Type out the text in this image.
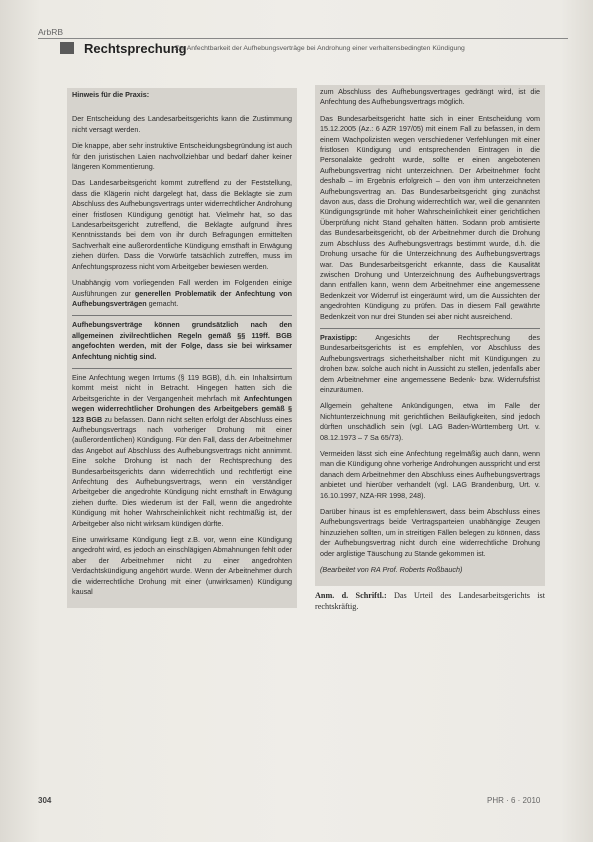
ArbRB
Rechtsprechung
Zur Anfechtbarkeit der Aufhebungsverträge bei Androhung einer verhaltensbedingten Kündigung
Hinweis für die Praxis:

Der Entscheidung des Landesarbeitsgerichts kann die Zustimmung nicht versagt werden.

Die knappe, aber sehr instruktive Entscheidungsbegründung ist auch für den juristischen Laien nachvollziehbar und bedarf daher keiner längeren Kommentierung.

Das Landesarbeitsgericht kommt zutreffend zu der Feststellung, dass die Klägerin nicht dargelegt hat, dass die Beklagte sie zum Abschluss des Aufhebungsvertrags unter widerrechtlicher Androhung einer fristlosen Kündigung genötigt hat. Vielmehr hat, so das Landesarbeitsgericht zutreffend, die Beklagte aufgrund ihres Kenntnisstands bei dem von ihr durch Befragungen ermittelten Sachverhalt eine außerordentliche Kündigung ernsthaft in Erwägung ziehen dürfen. Dass die Vorwürfe tatsächlich zutreffen, muss im Anfechtungsprozess nicht vom Arbeitgeber bewiesen werden.

Unabhängig vom vorliegenden Fall werden im Folgenden einige Ausführungen zur generellen Problematik der Anfechtung von Aufhebungsverträgen gemacht.

Aufhebungsverträge können grundsätzlich nach den allgemeinen zivilrechtlichen Regeln gemäß §§ 119ff. BGB angefochten werden, mit der Folge, dass sie bei wirksamer Anfechtung nichtig sind.

Eine Anfechtung wegen Irrtums (§ 119 BGB), d.h. ein Inhaltsirrtum kommt meist nicht in Betracht. Hingegen hatten sich die Arbeitsgerichte in der Vergangenheit mehrfach mit Anfechtungen wegen widerrechtlicher Drohungen des Arbeitgebers gemäß § 123 BGB zu befassen. Dann nicht selten erfolgt der Abschluss eines Aufhebungsvertrags nach vorheriger Drohung mit einer (außerordentlichen) Kündigung. Für den Fall, dass der Arbeitnehmer das Angebot auf Abschluss des Aufhebungsvertrags nicht annimmt. Eine solche Drohung ist nach der Rechtsprechung des Bundesarbeitsgerichts dann widerrechtlich und rechtfertigt eine Anfechtung des Aufhebungsvertrags, wenn ein verständiger Arbeitgeber die angedrohte Kündigung nicht ernsthaft in Erwägung ziehen durfte. Dies wiederum ist der Fall, wenn die angedrohte Kündigung mit hoher Wahrscheinlichkeit nicht rechtmäßig ist, der Arbeitgeber also nicht wirksam kündigen dürfte.

Eine unwirksame Kündigung liegt z.B. vor, wenn eine Kündigung angedroht wird, es jedoch an einschlägigen Abmahnungen fehlt oder aber der Arbeitnehmer nicht zu einer angedrohten Verdachtskündigung angehört wurde. Wenn der Arbeitnehmer durch die widerrechtliche Drohung mit einer (unwirksamen) Kündigung kausal

zum Abschluss des Aufhebungsvertrages gedrängt wird, ist die Anfechtung des Aufhebungsvertrags möglich.

Das Bundesarbeitsgericht hatte sich in einer Entscheidung vom 15.12.2005 (Az.: 6 AZR 197/05) mit einem Fall zu befassen, in dem einem Wachpolizisten wegen verschiedener Verfehlungen mit einer fristlosen Kündigung und entsprechenden Eintragen in die Personalakte gedroht wurde, sollte er einen angebotenen Aufhebungsvertrag nicht unterzeichnen. Der Arbeitnehmer focht deshalb – im Ergebnis erfolgreich – den von ihm unterzeichneten Aufhebungsvertrag an. Das Bundesarbeitsgericht ging zunächst davon aus, dass die Drohung widerrechtlich war, weil die genannten Kündigungsgründe mit hoher Wahrscheinlichkeit einer gerichtlichen Überprüfung nicht Stand gehalten hätten. Sodann prob amtisierte das Bundesarbeitsgericht, ob der Arbeitnehmer durch die Drohung zum Abschluss des Aufhebungsvertrags bestimmt wurde, d.h. die Drohung ursache für die Unterzeichnung des Aufhebungsvertrags war. Das Bundesarbeitsgericht erkannte, dass die Kausalität zwischen Drohung und Unterzeichnung des Aufhebungsvertrags dann entfallen kann, wenn dem Arbeitnehmer eine angemessene Bedenkzeit vor Widerruf ist eingeräumt wird, um die Aussichten der angedrohten Kündigung zu prüfen. Das in diesem Fall gewährte Bedenkzeit von nur drei Stunden sei aber nicht ausreichend.

Praxistipp: Angesichts der Rechtsprechung des Bundesarbeitsgerichts ist es empfehlen, vor Abschluss des Aufhebungsvertrags sicherheitshalber nicht mit Kündigungen zu drohen bzw. solche auch nicht in Aussicht zu stellen, jedenfalls aber dem Arbeitnehmer eine angemessene Bedenk- bzw. Widerrufsfrist einzuräumen.

Allgemein gehaltene Ankündigungen, etwa im Falle der Nichtunterzeichnung mit gerichtlichen Beiläufigkeiten, sind jedoch dürften unschädlich sein (vgl. LAG Baden-Württemberg Urt. v. 08.12.1973 – 7 Sa 65/73).

Vermeiden lässt sich eine Anfechtung regelmäßig auch dann, wenn man die Kündigung ohne vorherige Androhungen ausspricht und erst danach dem Arbeitnehmer den Abschluss eines Aufhebungsvertrags anbietet und hierüber verhandelt (vgl. LAG Brandenburg, Urt. v. 16.10.1997, NZA-RR 1998, 248).

Darüber hinaus ist es empfehlenswert, dass beim Abschluss eines Aufhebungsvertrags beide Vertragsparteien unabhängige Zeugen hinzuziehen sollten, um in streitigen Fällen belegen zu können, dass der Aufhebungsvertrag nicht durch eine widerrechtliche Drohung oder arglistige Täuschung zu Stande gekommen ist.

(Bearbeitet von RA Prof. Roberts Roßbauch)

Anm. d. Schriftl.: Das Urteil des Landesarbeitsgerichts ist rechtskräftig.

304	PHR · 6 · 2010
